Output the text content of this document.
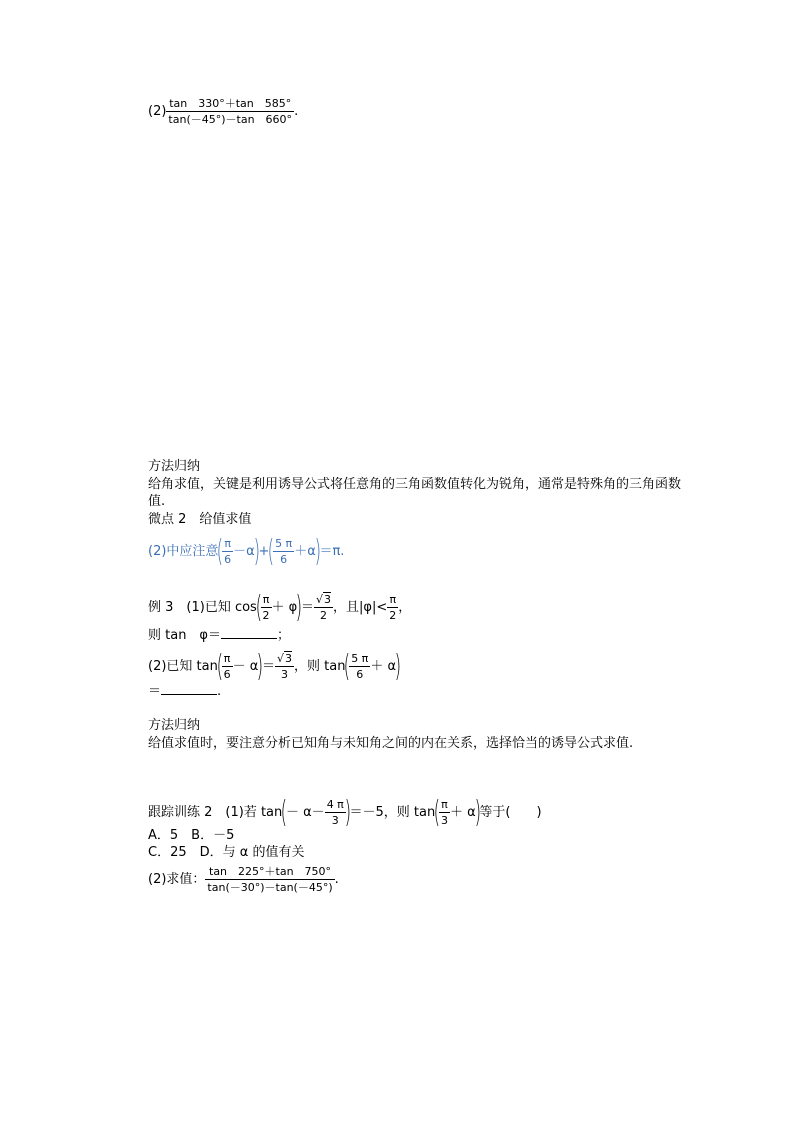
$(2) \frac{\tan 330^\circ+\tan 585^\circ}{\tan(-45^\circ)-\tan 660^\circ}$ .
方法归纳
给角求值，关键是利用诱导公式将任意角的三角函数值转化为锐角，通常是特殊角的三角函数值.
微点 2　给值求值
(2)中应注意(
$\frac{\pi}{6} -\alpha)+$(
$\frac{5 \pi}{6} +\alpha)=\pi$.
例 3　(1)已知 cos(
$\frac{\pi}{2} + \varphi)= \frac{√3}{2}$ ，且$|\varphi|< \frac{\pi}{2}$ ，
则 tan　φ＝	；
(2)已知 tan(
$\frac{\pi}{6} - \alpha)= \frac{√3}{3}$ ，则 tan(
$\frac{5 \pi}{6} + \alpha$)
＝	.
方法归纳
给值求值时，要注意分析已知角与未知角之间的内在关系，选择恰当的诱导公式求值.
跟踪训练 2　(1)若 $\tan(- \alpha- \frac{4 \pi}{3}$
)＝－5，则 tan(
$\frac{\pi}{3} + \alpha$)等于(　　)
A．5　B．－5
C．25　D．与 α 的值有关
(2)求值： $\frac{\tan 225^\circ+\tan 750^\circ}{\tan(-30^\circ)-\tan(-45^\circ)}$ .
